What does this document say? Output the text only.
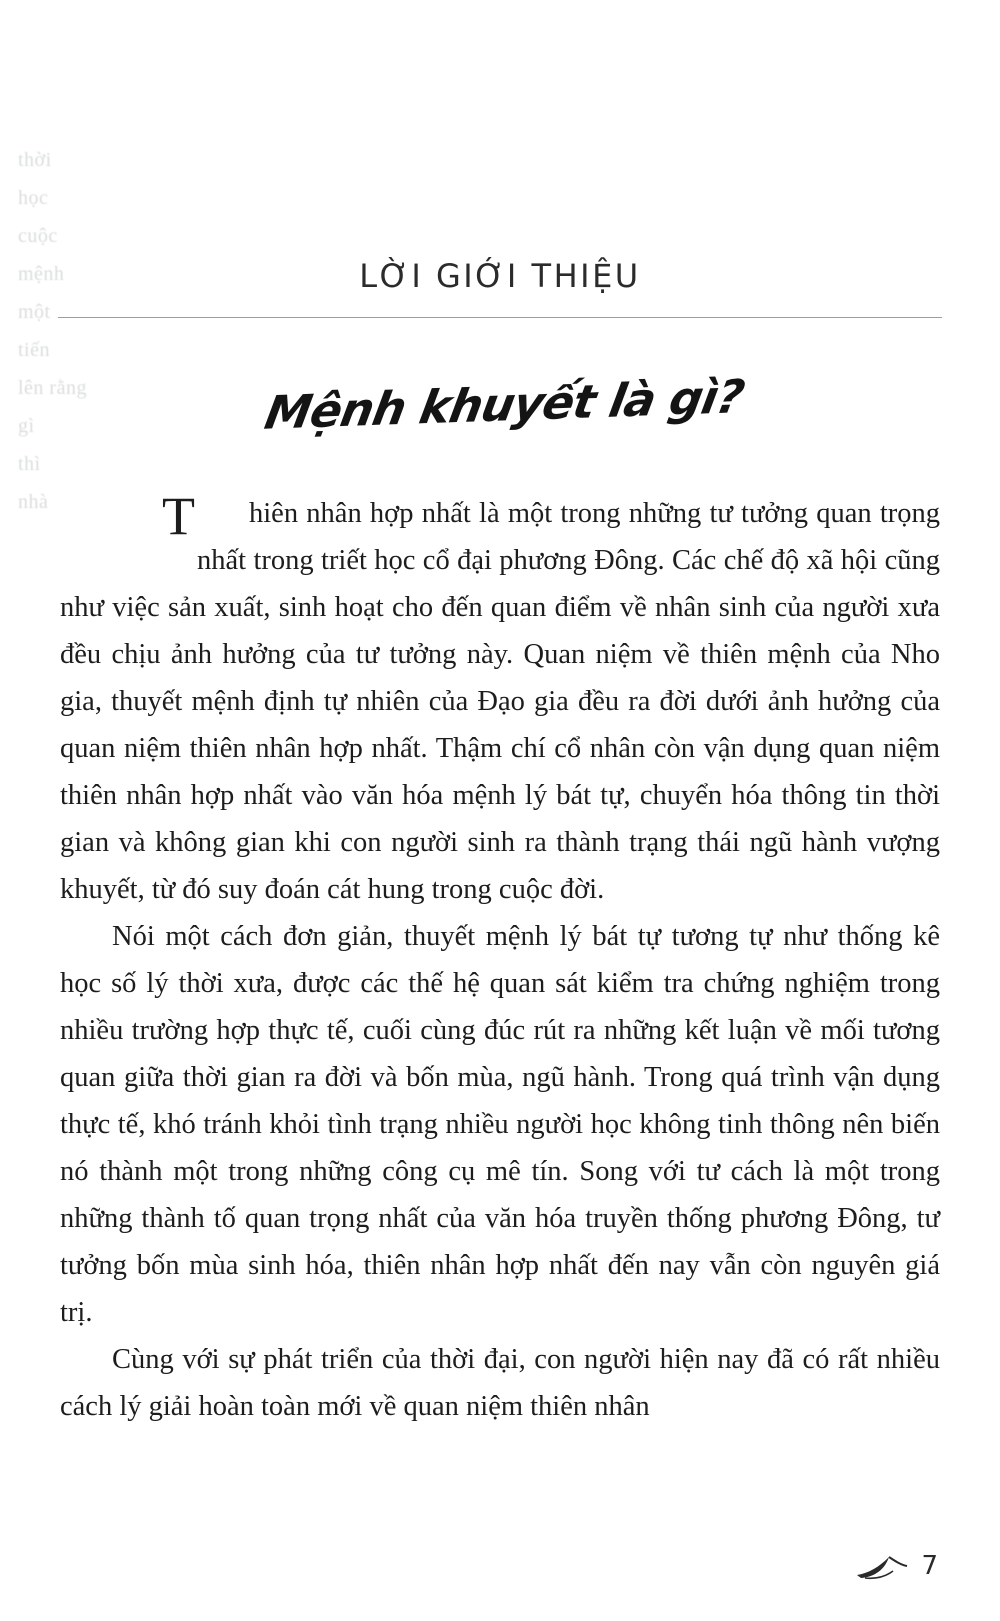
thời
học
cuộc
mệnh
một
tiến
lên rằng
gì
thì
nhà
LỜI GIỚI THIỆU
Mệnh khuyết là gì?

T hiên nhân hợp nhất là một trong những tư tưởng quan trọng nhất trong triết học cổ đại phương Đông. Các chế độ xã hội cũng như việc sản xuất, sinh hoạt cho đến quan điểm về nhân sinh của người xưa đều chịu ảnh hưởng của tư tưởng này. Quan niệm về thiên mệnh của Nho gia, thuyết mệnh định tự nhiên của Đạo gia đều ra đời dưới ảnh hưởng của quan niệm thiên nhân hợp nhất. Thậm chí cổ nhân còn vận dụng quan niệm thiên nhân hợp nhất vào văn hóa mệnh lý bát tự, chuyển hóa thông tin thời gian và không gian khi con người sinh ra thành trạng thái ngũ hành vượng khuyết, từ đó suy đoán cát hung trong cuộc đời.

Nói một cách đơn giản, thuyết mệnh lý bát tự tương tự như thống kê học số lý thời xưa, được các thế hệ quan sát kiểm tra chứng nghiệm trong nhiều trường hợp thực tế, cuối cùng đúc rút ra những kết luận về mối tương quan giữa thời gian ra đời và bốn mùa, ngũ hành. Trong quá trình vận dụng thực tế, khó tránh khỏi tình trạng nhiều người học không tinh thông nên biến nó thành một trong những công cụ mê tín. Song với tư cách là một trong những thành tố quan trọng nhất của văn hóa truyền thống phương Đông, tư tưởng bốn mùa sinh hóa, thiên nhân hợp nhất đến nay vẫn còn nguyên giá trị.

Cùng với sự phát triển của thời đại, con người hiện nay đã có rất nhiều cách lý giải hoàn toàn mới về quan niệm thiên nhân

7
